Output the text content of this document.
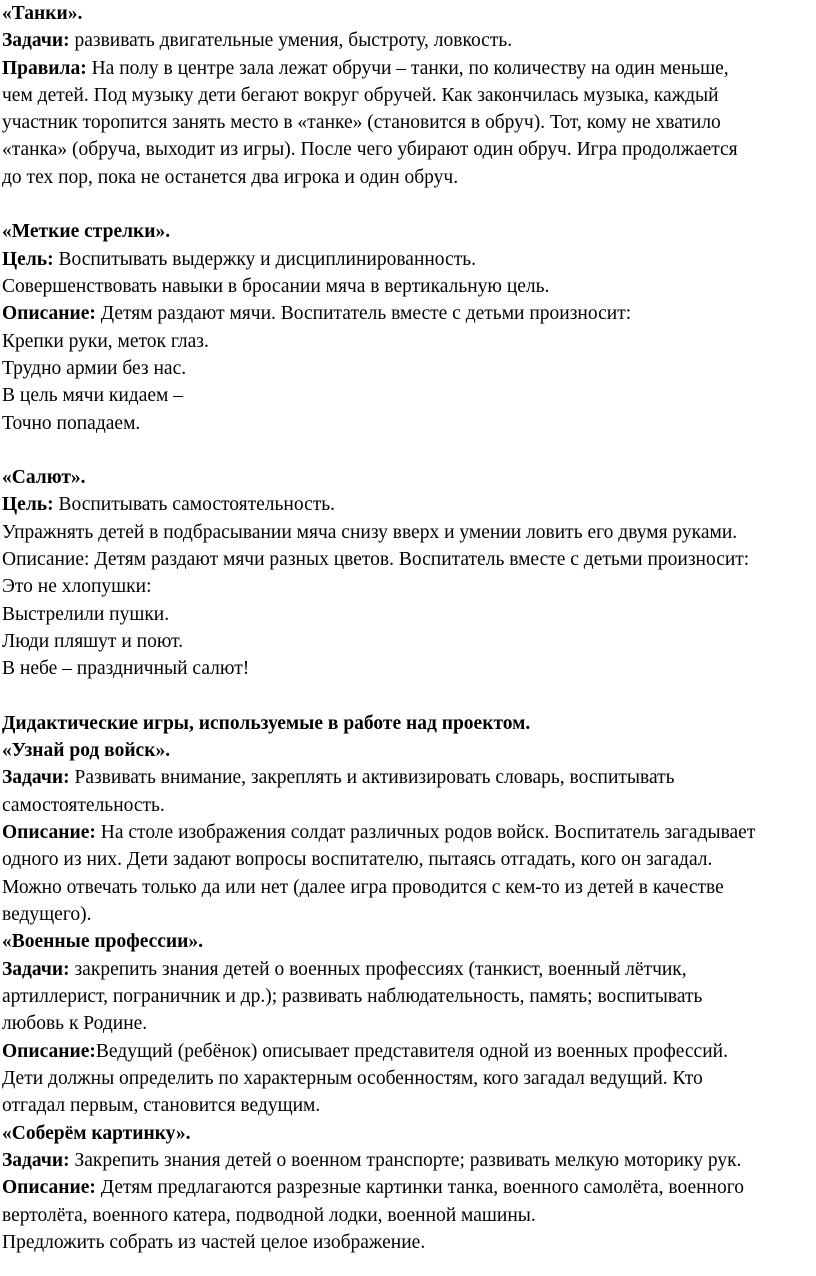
«Танки».
Задачи: развивать двигательные умения, быстроту, ловкость.
Правила: На полу в центре зала лежат обручи – танки, по количеству на один меньше,
чем детей. Под музыку дети бегают вокруг обручей. Как закончилась музыка, каждый
участник торопится занять место в «танке» (становится в обруч). Тот, кому не хватило
«танка» (обруча, выходит из игры). После чего убирают один обруч. Игра продолжается
до тех пор, пока не останется два игрока и один обруч.
«Меткие стрелки».
Цель: Воспитывать выдержку и дисциплинированность.
Совершенствовать навыки в бросании мяча в вертикальную цель.
Описание: Детям раздают мячи. Воспитатель вместе с детьми произносит:
Крепки руки, меток глаз.
Трудно армии без нас.
В цель мячи кидаем –
Точно попадаем.
«Салют».
Цель: Воспитывать самостоятельность.
Упражнять детей в подбрасывании мяча снизу вверх и умении ловить его двумя руками.
Описание: Детям раздают мячи разных цветов. Воспитатель вместе с детьми произносит:
Это не хлопушки:
Выстрелили пушки.
Люди пляшут и поют.
В небе – праздничный салют!
Дидактические игры, используемые в работе над проектом.
«Узнай род войск».
Задачи: Развивать внимание, закреплять и активизировать словарь, воспитывать
самостоятельность.
Описание: На столе изображения солдат различных родов войск. Воспитатель загадывает
одного из них. Дети задают вопросы воспитателю, пытаясь отгадать, кого он загадал.
Можно отвечать только да или нет (далее игра проводится с кем-то из детей в качестве
ведущего).
«Военные профессии».
Задачи: закрепить знания детей о военных профессиях (танкист, военный лётчик,
артиллерист, пограничник и др.); развивать наблюдательность, память; воспитывать
любовь к Родине.
Описание:Ведущий (ребёнок) описывает представителя одной из военных профессий.
Дети должны определить по характерным особенностям, кого загадал ведущий. Кто
отгадал первым, становится ведущим.
«Соберём картинку».
Задачи: Закрепить знания детей о военном транспорте; развивать мелкую моторику рук.
Описание: Детям предлагаются разрезные картинки танка, военного самолёта, военного
вертолёта, военного катера, подводной лодки, военной машины.
Предложить собрать из частей целое изображение.
